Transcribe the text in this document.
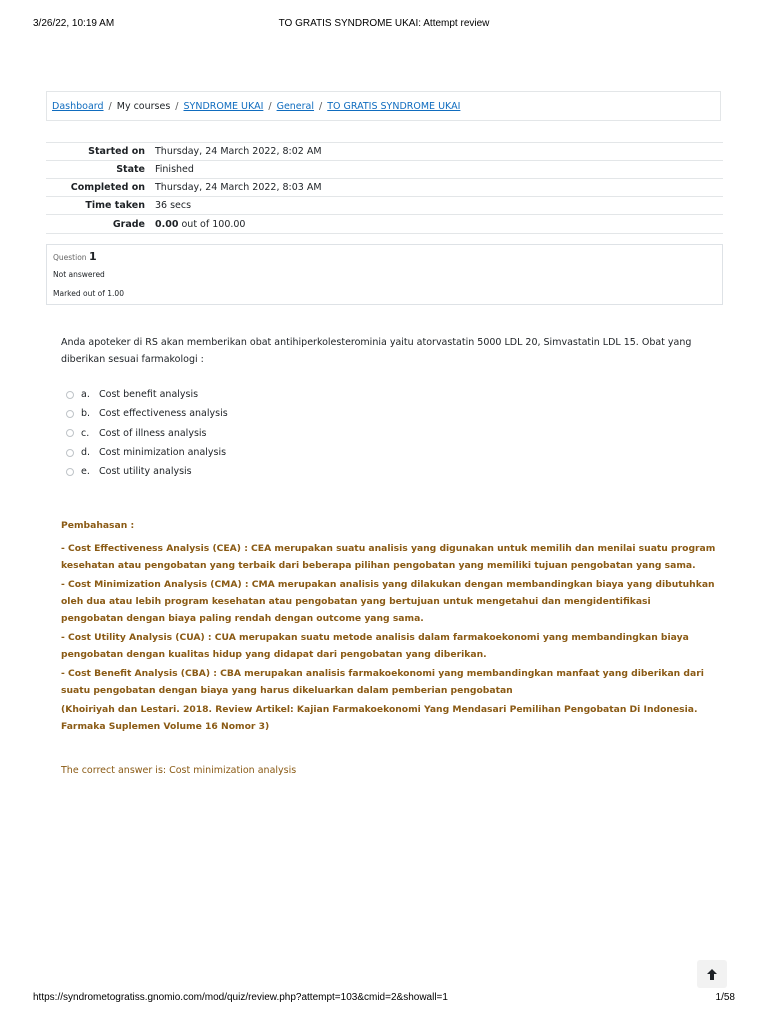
3/26/22, 10:19 AM	TO GRATIS SYNDROME UKAI: Attempt review
Dashboard / My courses / SYNDROME UKAI / General / TO GRATIS SYNDROME UKAI
Started on	Thursday, 24 March 2022, 8:02 AM
State	Finished
Completed on	Thursday, 24 March 2022, 8:03 AM
Time taken	36 secs
Grade	0.00 out of 100.00
Question 1
Not answered
Marked out of 1.00
Anda apoteker di RS akan memberikan obat antihiperkolesterominia yaitu atorvastatin 5000 LDL 20, Simvastatin LDL 15. Obat yang diberikan sesuai farmakologi :
a. Cost benefit analysis
b. Cost effectiveness analysis
c.	Cost of illness analysis
d. Cost minimization analysis
e. Cost utility analysis

Pembahasan :

- Cost Effectiveness Analysis (CEA) : CEA merupakan suatu analisis yang digunakan untuk memilih dan menilai suatu program kesehatan atau pengobatan yang terbaik dari beberapa pilihan pengobatan yang memiliki tujuan pengobatan yang sama.

- Cost Minimization Analysis (CMA) : CMA merupakan analisis yang dilakukan dengan membandingkan biaya yang dibutuhkan oleh dua atau lebih program kesehatan atau pengobatan yang bertujuan untuk mengetahui dan mengidentifikasi pengobatan dengan biaya paling rendah dengan outcome yang sama.

- Cost Utility Analysis (CUA) : CUA merupakan suatu metode analisis dalam farmakoekonomi yang membandingkan biaya pengobatan dengan kualitas hidup yang didapat dari pengobatan yang diberikan.

- Cost Benefit Analysis (CBA) : CBA merupakan analisis farmakoekonomi yang membandingkan manfaat yang diberikan dari suatu pengobatan dengan biaya yang harus dikeluarkan dalam pemberian pengobatan

(Khoiriyah dan Lestari. 2018. Review Artikel: Kajian Farmakoekonomi Yang Mendasari Pemilihan Pengobatan Di Indonesia. Farmaka Suplemen Volume 16 Nomor 3)

The correct answer is: Cost minimization analysis
https://syndrometogratiss.gnomio.com/mod/quiz/review.php?attempt=103&cmid=2&showall=1	1/58
